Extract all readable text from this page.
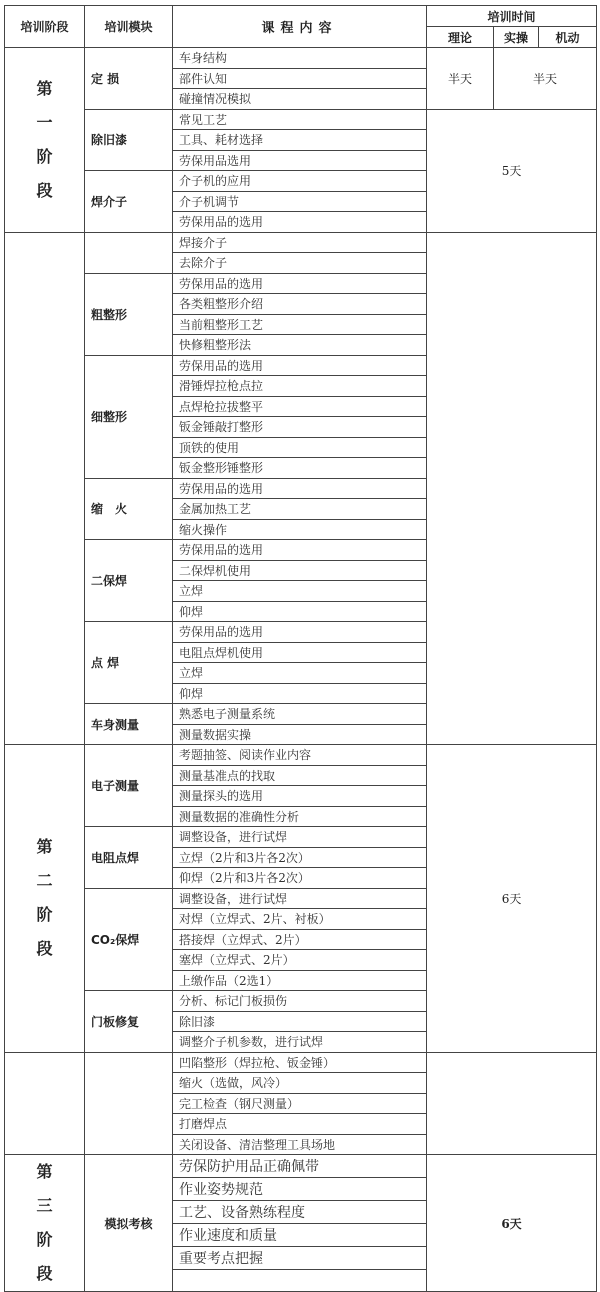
培训阶段	培训模块	课程内容	培训时间		
			理论	实操	机动
第一阶段	定 损	车身结构	半天	半天	
		部件认知			
		碰撞情况模拟			
	除旧漆	常见工艺	5天		
		工具、耗材选择			
		劳保用品选用			
	焊介子	介子机的应用			
		介子机调节			
		劳保用品的选用			
		焊接介子			
		去除介子			
	粗整形	劳保用品的选用			
		各类粗整形介绍			
		当前粗整形工艺			
		快修粗整形法			
	细整形	劳保用品的选用			
		滑锤焊拉枪点拉			
		点焊枪拉拔整平			
		钣金锤敲打整形			
		顶铁的使用			
		钣金整形锤整形			
	缩　火	劳保用品的选用			
		金属加热工艺			
		缩火操作			
	二保焊	劳保用品的选用			
		二保焊机使用			
		立焊			
		仰焊			
	点 焊	劳保用品的选用			
		电阻点焊机使用			
		立焊			
		仰焊			
	车身测量	熟悉电子测量系统			
		测量数据实操			
第二阶段	电子测量	考题抽签、阅读作业内容	6天		
		测量基准点的找取			
		测量探头的选用			
		测量数据的准确性分析			
	电阻点焊	调整设备，进行试焊			
		立焊（2片和3片各2次）			
		仰焊（2片和3片各2次）			
	CO₂保焊	调整设备，进行试焊			
		对焊（立焊式、2片、衬板）			
		搭接焊（立焊式、2片）			
		塞焊（立焊式、2片）			
		上缴作品（2选1）			
	门板修复	分析、标记门板损伤			
		除旧漆			
		调整介子机参数，进行试焊			
		凹陷整形（焊拉枪、钣金锤）			
		缩火（选做，风冷）			
		完工检查（钢尺测量）			
		打磨焊点			
		关闭设备、清洁整理工具场地			
第三阶段	模拟考核	劳保防护用品正确佩带	6天		
		作业姿势规范			
		工艺、设备熟练程度			
		作业速度和质量			
		重要考点把握			
